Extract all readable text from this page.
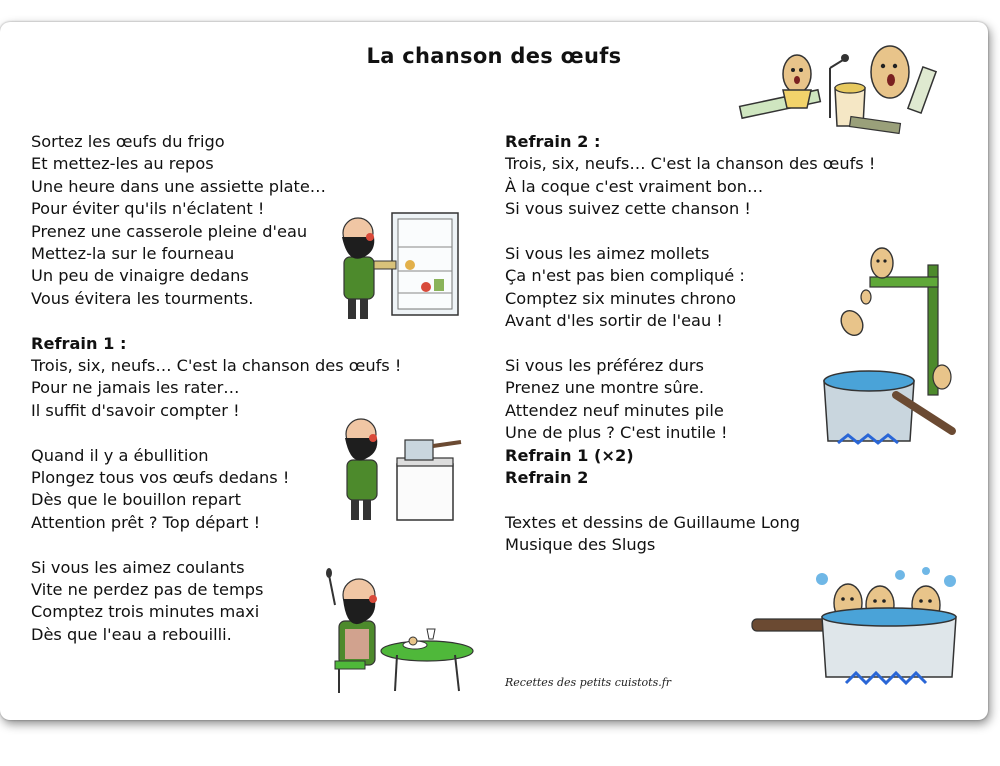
La chanson des œufs
Sortez les œufs du frigo
Et mettez-les au repos
Une heure dans une assiette plate…
Pour éviter qu'ils n'éclatent !
Prenez une casserole pleine d'eau
Mettez-la sur le fourneau
Un peu de vinaigre dedans
Vous évitera les tourments.
Refrain 1 :
Trois, six, neufs… C'est la chanson des œufs !
Pour ne jamais les rater…
Il suffit d'savoir compter !
Quand il y a ébullition
Plongez tous vos œufs dedans !
Dès que le bouillon repart
Attention prêt ? Top départ !
Si vous les aimez coulants
Vite ne perdez pas de temps
Comptez trois minutes maxi
Dès que l'eau a rebouilli.
Refrain 2 :
Trois, six, neufs… C'est la chanson des œufs !
À la coque c'est vraiment bon…
Si vous suivez cette chanson !
Si vous les aimez mollets
Ça n'est pas bien compliqué :
Comptez six minutes chrono
Avant d'les sortir de l'eau !
Si vous les préférez durs
Prenez une montre sûre.
Attendez neuf minutes pile
Une de plus ? C'est inutile !
Refrain 1 (×2)
Refrain 2
Textes et dessins de Guillaume Long
Musique des Slugs
Recettes des petits cuistots.fr
